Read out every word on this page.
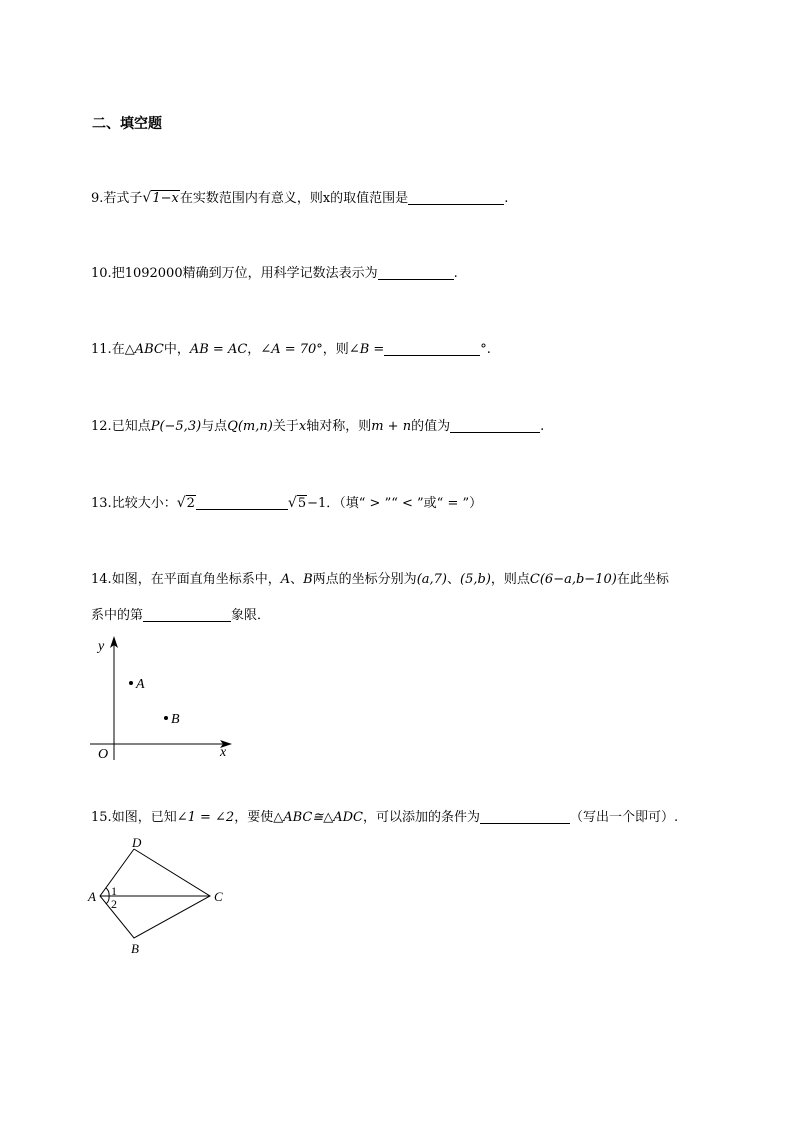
二、填空题
9.若式子√1−x在实数范围内有意义，则x的取值范围是	.
10.把1092000精确到万位，用科学记数法表示为	.
11.在△ABC中，AB = AC，∠A = 70°，则∠B =	°.
12.已知点P(−5,3)与点Q(m,n)关于x轴对称，则m + n的值为	.
13.比较大小：√2	√5−1．（填“ > ”“ < ”或“ = ”）
14.如图，在平面直角坐标系中，A、B两点的坐标分别为(a,7)、(5,b)，则点C(6−a,b−10)在此坐标
系中的第	象限．
y
x
O
A
B
15.如图，已知∠1 = ∠2，要使△ABC≅△ADC，可以添加的条件为	（写出一个即可）.
D
A	C
B
1
2
